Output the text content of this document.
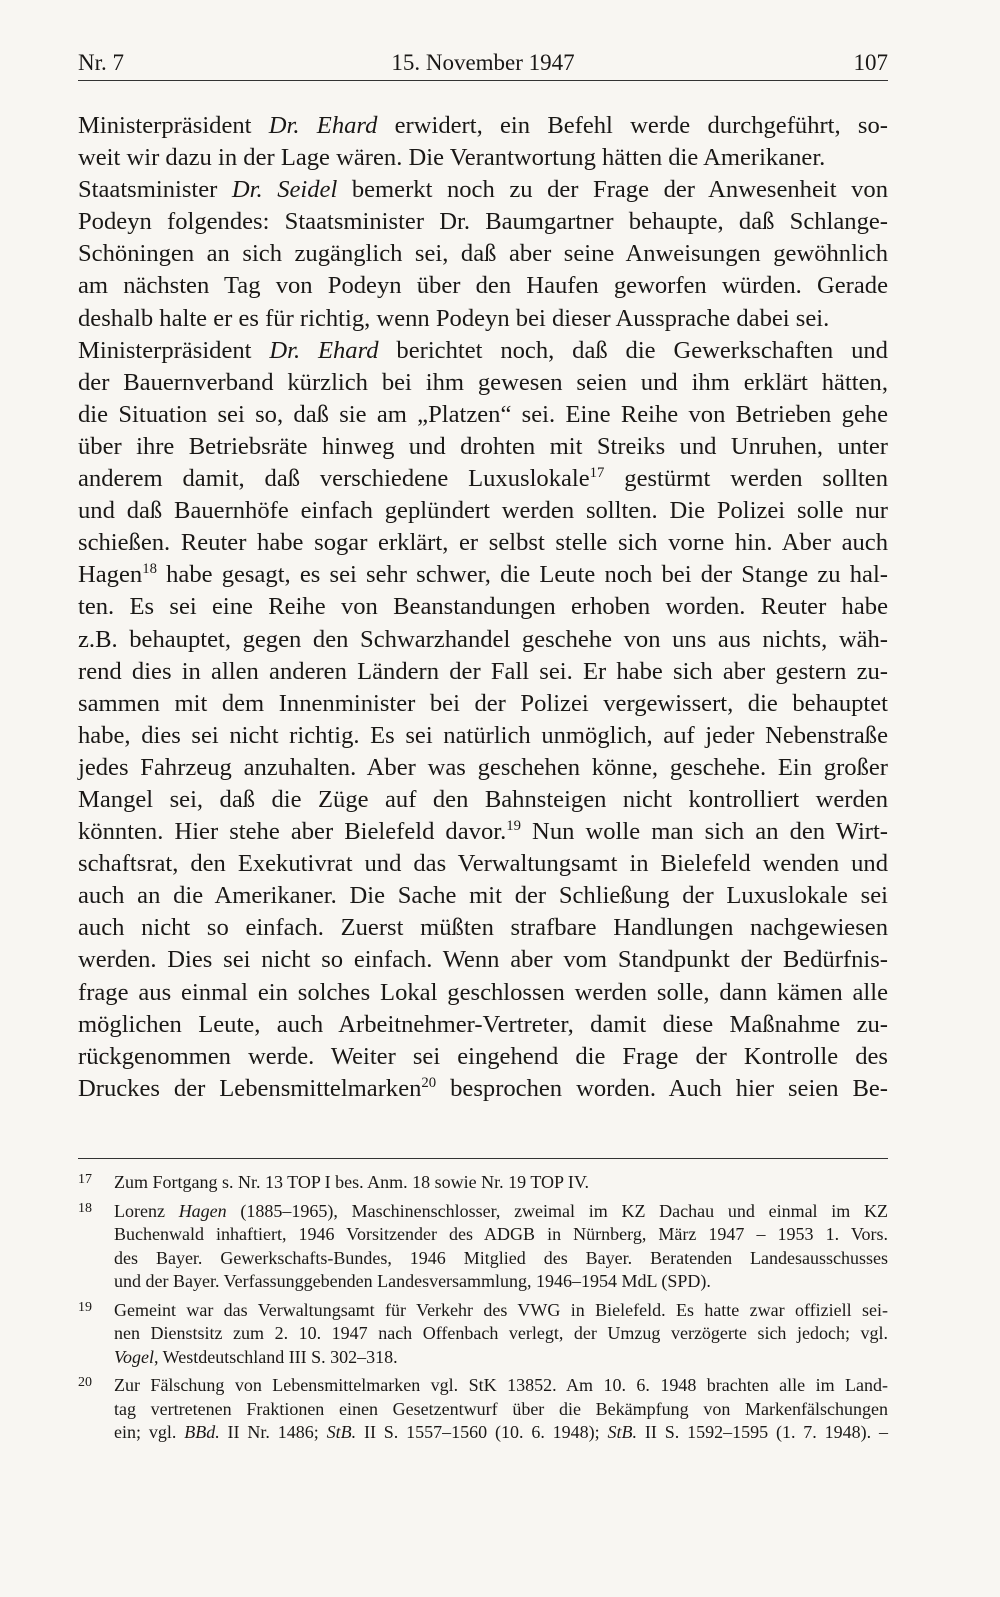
Nr. 7	15. November 1947	107
Ministerpräsident Dr. Ehard erwidert, ein Befehl werde durchgeführt, so-
weit wir dazu in der Lage wären. Die Verantwortung hätten die Amerikaner.
Staatsminister Dr. Seidel bemerkt noch zu der Frage der Anwesenheit von
Podeyn folgendes: Staatsminister Dr. Baumgartner behaupte, daß Schlange-
Schöningen an sich zugänglich sei, daß aber seine Anweisungen gewöhnlich
am nächsten Tag von Podeyn über den Haufen geworfen würden. Gerade
deshalb halte er es für richtig, wenn Podeyn bei dieser Aussprache dabei sei.
Ministerpräsident Dr. Ehard berichtet noch, daß die Gewerkschaften und
der Bauernverband kürzlich bei ihm gewesen seien und ihm erklärt hätten,
die Situation sei so, daß sie am „Platzen“ sei. Eine Reihe von Betrieben gehe
über ihre Betriebsräte hinweg und drohten mit Streiks und Unruhen, unter
anderem damit, daß verschiedene Luxuslokale$^{17}$ gestürmt werden sollten
und daß Bauernhöfe einfach geplündert werden sollten. Die Polizei solle nur
schießen. Reuter habe sogar erklärt, er selbst stelle sich vorne hin. Aber auch
Hagen$^{18}$ habe gesagt, es sei sehr schwer, die Leute noch bei der Stange zu hal-
ten. Es sei eine Reihe von Beanstandungen erhoben worden. Reuter habe
z.B. behauptet, gegen den Schwarzhandel geschehe von uns aus nichts, wäh-
rend dies in allen anderen Ländern der Fall sei. Er habe sich aber gestern zu-
sammen mit dem Innenminister bei der Polizei vergewissert, die behauptet
habe, dies sei nicht richtig. Es sei natürlich unmöglich, auf jeder Nebenstraße
jedes Fahrzeug anzuhalten. Aber was geschehen könne, geschehe. Ein großer
Mangel sei, daß die Züge auf den Bahnsteigen nicht kontrolliert werden
könnten. Hier stehe aber Bielefeld davor.$^{19}$ Nun wolle man sich an den Wirt-
schaftsrat, den Exekutivrat und das Verwaltungsamt in Bielefeld wenden und
auch an die Amerikaner. Die Sache mit der Schließung der Luxuslokale sei
auch nicht so einfach. Zuerst müßten strafbare Handlungen nachgewiesen
werden. Dies sei nicht so einfach. Wenn aber vom Standpunkt der Bedürfnis-
frage aus einmal ein solches Lokal geschlossen werden solle, dann kämen alle
möglichen Leute, auch Arbeitnehmer-Vertreter, damit diese Maßnahme zu-
rückgenommen werde. Weiter sei eingehend die Frage der Kontrolle des
Druckes der Lebensmittelmarken$^{20}$ besprochen worden. Auch hier seien Be-
17 Zum Fortgang s. Nr. 13 TOP I bes. Anm. 18 sowie Nr. 19 TOP IV.
18 Lorenz Hagen (1885–1965), Maschinenschlosser, zweimal im KZ Dachau und einmal im KZ
Buchenwald inhaftiert, 1946 Vorsitzender des ADGB in Nürnberg, März 1947 – 1953 1. Vors.
des Bayer. Gewerkschafts-Bundes, 1946 Mitglied des Bayer. Beratenden Landesausschusses
und der Bayer. Verfassunggebenden Landesversammlung, 1946–1954 MdL (SPD).
19 Gemeint war das Verwaltungsamt für Verkehr des VWG in Bielefeld. Es hatte zwar offiziell sei-
nen Dienstsitz zum 2. 10. 1947 nach Offenbach verlegt, der Umzug verzögerte sich jedoch; vgl.
Vogel, Westdeutschland III S. 302–318.
20 Zur Fälschung von Lebensmittelmarken vgl. StK 13852. Am 10. 6. 1948 brachten alle im Land-
tag vertretenen Fraktionen einen Gesetzentwurf über die Bekämpfung von Markenfälschungen
ein; vgl. BBd. II Nr. 1486; StB. II S. 1557–1560 (10. 6. 1948); StB. II S. 1592–1595 (1. 7. 1948). –
